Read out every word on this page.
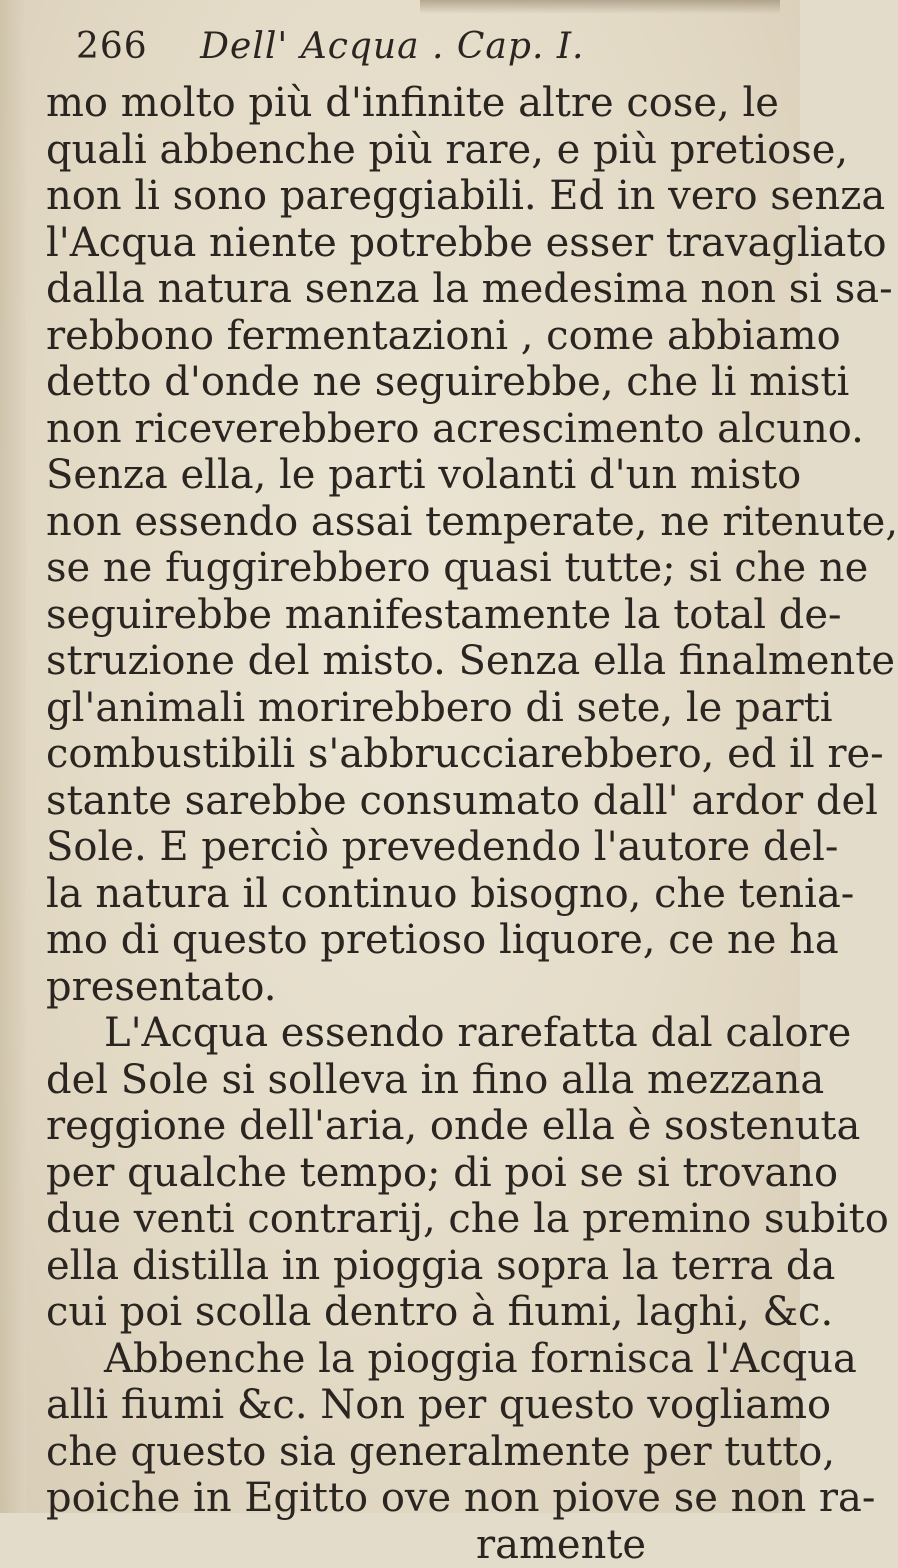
266 Dell' Acqua . Cap. I.
mo molto più d'infinite altre cose, le
quali abbenche più rare, e più pretiose,
non li sono pareggiabili. Ed in vero senza
l'Acqua niente potrebbe esser travagliato
dalla natura senza la medesima non si sa-
rebbono fermentazioni , come abbiamo
detto d'onde ne seguirebbe, che li misti
non riceverebbero acrescimento alcuno.
Senza ella, le parti volanti d'un misto
non essendo assai temperate, ne ritenute,
se ne fuggirebbero quasi tutte; si che ne
seguirebbe manifestamente la total de-
struzione del misto. Senza ella finalmente
gl'animali morirebbero di sete, le parti
combustibili s'abbrucciarebbero, ed il re-
stante sarebbe consumato dall' ardor del
Sole. E perciò prevedendo l'autore del-
la natura il continuo bisogno, che tenia-
mo di questo pretioso liquore, ce ne ha
presentato.
L'Acqua essendo rarefatta dal calore
del Sole si solleva in fino alla mezzana
reggione dell'aria, onde ella è sostenuta
per qualche tempo; di poi se si trovano
due venti contrarij, che la premino subito
ella distilla in pioggia sopra la terra da
cui poi scolla dentro à fiumi, laghi, &c.
Abbenche la pioggia fornisca l'Acqua
alli fiumi &c. Non per questo vogliamo
che questo sia generalmente per tutto,
poiche in Egitto ove non piove se non ra-
ramente
